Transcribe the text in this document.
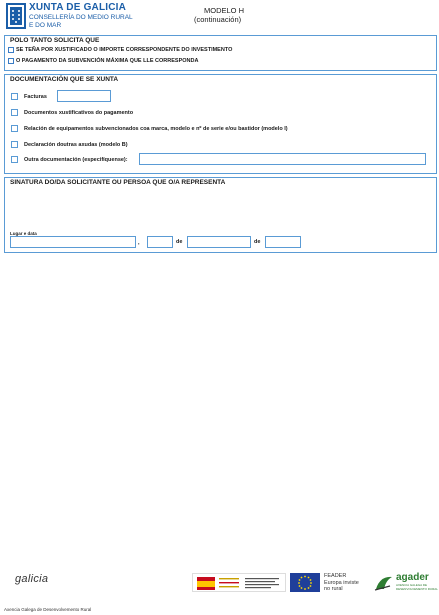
XUNTA DE GALICIA
CONSELLERÍA DO MEDIO RURAL
E DO MAR
MODELO H
(continuación)
POLO TANTO SOLICITA QUE
SE TEÑA POR XUSTIFICADO O IMPORTE CORRESPONDENTE DO INVESTIMENTO
O PAGAMENTO DA SUBVENCIÓN MÁXIMA QUE LLE CORRESPONDA
DOCUMENTACIÓN QUE SE XUNTA
Facturas
Documentos xustificativos do pagamento
Relación de equipamentos subvencionados coa marca, modelo e nº de serie e/ou bastidor (modelo I)
Declaración doutras axudas (modelo B)
Outra documentación (especifíquense):
SINATURA DO/DA SOLICITANTE OU PERSOA QUE O/A REPRESENTA
Lugar e data
,	de	de
galicia	FEADER
Europa inviste
no rural
agader
AXENCIA GALEGA DE
DESENVOLVEMENTO RURAL
Axencia Galega de Desenvolvemento Rural
